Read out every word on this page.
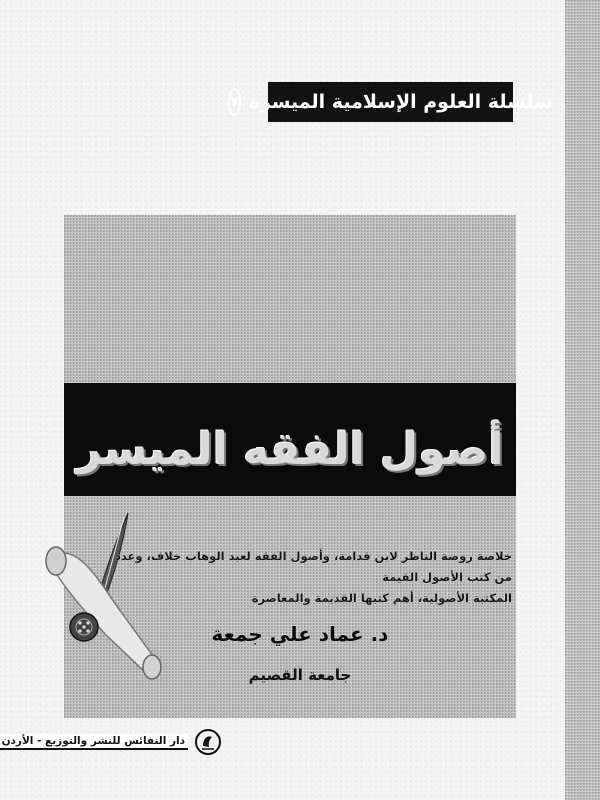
سلسلة العلوم الإسلامية الميسرة
٧
أصول الفقه الميسر
خلاصة روضة الناظر لابن قدامة، وأصول الفقه لعبد الوهاب خلاف، وعدد من كتب الأصول القيمة
المكتبة الأصولية، أهم كتبها القديمة والمعاصرة
د. عماد علي جمعة
جامعة القصيم
دار النفائس للنشر والتوزيع - الأردن
